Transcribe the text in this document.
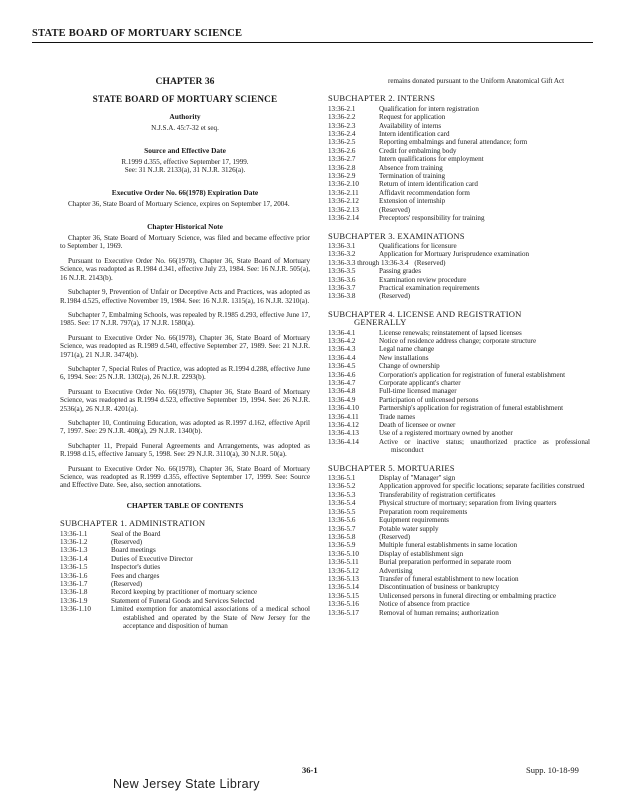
STATE BOARD OF MORTUARY SCIENCE
CHAPTER 36
STATE BOARD OF MORTUARY SCIENCE
Authority
N.J.S.A. 45:7-32 et seq.
Source and Effective Date
R.1999 d.355, effective September 17, 1999.
See: 31 N.J.R. 2133(a), 31 N.J.R. 3126(a).
Executive Order No. 66(1978) Expiration Date

Chapter 36, State Board of Mortuary Science, expires on September 17, 2004.

Chapter Historical Note

Chapter 36, State Board of Mortuary Science, was filed and became effective prior to September 1, 1969.

Pursuant to Executive Order No. 66(1978), Chapter 36, State Board of Mortuary Science, was readopted as R.1984 d.341, effective July 23, 1984. See: 16 N.J.R. 505(a), 16 N.J.R. 2143(b).

Subchapter 9, Prevention of Unfair or Deceptive Acts and Practices, was adopted as R.1984 d.525, effective November 19, 1984. See: 16 N.J.R. 1315(a), 16 N.J.R. 3210(a).

Subchapter 7, Embalming Schools, was repealed by R.1985 d.293, effective June 17, 1985. See: 17 N.J.R. 797(a), 17 N.J.R. 1580(a).

Pursuant to Executive Order No. 66(1978), Chapter 36, State Board of Mortuary Science, was readopted as R.1989 d.540, effective September 27, 1989. See: 21 N.J.R. 1971(a), 21 N.J.R. 3474(b).

Subchapter 7, Special Rules of Practice, was adopted as R.1994 d.288, effective June 6, 1994. See: 25 N.J.R. 1302(a), 26 N.J.R. 2293(b).

Pursuant to Executive Order No. 66(1978), Chapter 36, State Board of Mortuary Science, was readopted as R.1994 d.523, effective September 19, 1994. See: 26 N.J.R. 2536(a), 26 N.J.R. 4201(a).

Subchapter 10, Continuing Education, was adopted as R.1997 d.162, effective April 7, 1997. See: 29 N.J.R. 408(a), 29 N.J.R. 1340(b).

Subchapter 11, Prepaid Funeral Agreements and Arrangements, was adopted as R.1998 d.15, effective January 5, 1998. See: 29 N.J.R. 3110(a), 30 N.J.R. 50(a).

Pursuant to Executive Order No. 66(1978), Chapter 36, State Board of Mortuary Science, was readopted as R.1999 d.355, effective September 17, 1999. See: Source and Effective Date. See, also, section annotations.

CHAPTER TABLE OF CONTENTS
SUBCHAPTER 1. ADMINISTRATION
13:36-1.1	Seal of the Board
13:36-1.2	(Reserved)
13:36-1.3	Board meetings
13:36-1.4	Duties of Executive Director
13:36-1.5	Inspector's duties
13:36-1.6	Fees and charges
13:36-1.7	(Reserved)
13:36-1.8	Record keeping by practitioner of mortuary science
13:36-1.9	Statement of Funeral Goods and Services Selected
13:36-1.10	Limited exemption for anatomical associations of a medical school established and operated by the State of New Jersey for the acceptance and disposition of human
remains donated pursuant to the Uniform Anatomical Gift Act
SUBCHAPTER 2. INTERNS
13:36-2.1	Qualification for intern registration
13:36-2.2	Request for application
13:36-2.3	Availability of interns
13:36-2.4	Intern identification card
13:36-2.5	Reporting embalmings and funeral attendance; form
13:36-2.6	Credit for embalming body
13:36-2.7	Intern qualifications for employment
13:36-2.8	Absence from training
13:36-2.9	Termination of training
13:36-2.10	Return of intern identification card
13:36-2.11	Affidavit recommendation form
13:36-2.12	Extension of internship
13:36-2.13	(Reserved)
13:36-2.14	Preceptors' responsibility for training
SUBCHAPTER 3. EXAMINATIONS
13:36-3.1	Qualifications for licensure
13:36-3.2	Application for Mortuary Jurisprudence examination
13:36-3.3 through 13:36-3.4 (Reserved)
13:36-3.5	Passing grades
13:36-3.6	Examination review procedure
13:36-3.7	Practical examination requirements
13:36-3.8	(Reserved)
SUBCHAPTER 4. LICENSE AND REGISTRATION
GENERALLY
13:36-4.1	License renewals; reinstatement of lapsed licenses
13:36-4.2	Notice of residence address change; corporate structure
13:36-4.3	Legal name change
13:36-4.4	New installations
13:36-4.5	Change of ownership
13:36-4.6	Corporation's application for registration of funeral establishment
13:36-4.7	Corporate applicant's charter
13:36-4.8	Full-time licensed manager
13:36-4.9	Participation of unlicensed persons
13:36-4.10	Partnership's application for registration of funeral establishment
13:36-4.11	Trade names
13:36-4.12	Death of licensee or owner
13:36-4.13	Use of a registered mortuary owned by another
13:36-4.14	Active or inactive status; unauthorized practice as professional misconduct
SUBCHAPTER 5. MORTUARIES
13:36-5.1	Display of "Manager" sign
13:36-5.2	Application approved for specific locations; separate facilities construed
13:36-5.3	Transferability of registration certificates
13:36-5.4	Physical structure of mortuary; separation from living quarters
13:36-5.5	Preparation room requirements
13:36-5.6	Equipment requirements
13:36-5.7	Potable water supply
13:36-5.8	(Reserved)
13:36-5.9	Multiple funeral establishments in same location
13:36-5.10	Display of establishment sign
13:36-5.11	Burial preparation performed in separate room
13:36-5.12	Advertising
13:36-5.13	Transfer of funeral establishment to new location
13:36-5.14	Discontinuation of business or bankruptcy
13:36-5.15	Unlicensed persons in funeral directing or embalming practice
13:36-5.16	Notice of absence from practice
13:36-5.17	Removal of human remains; authorization
36-1	Supp. 10-18-99
New Jersey State Library
